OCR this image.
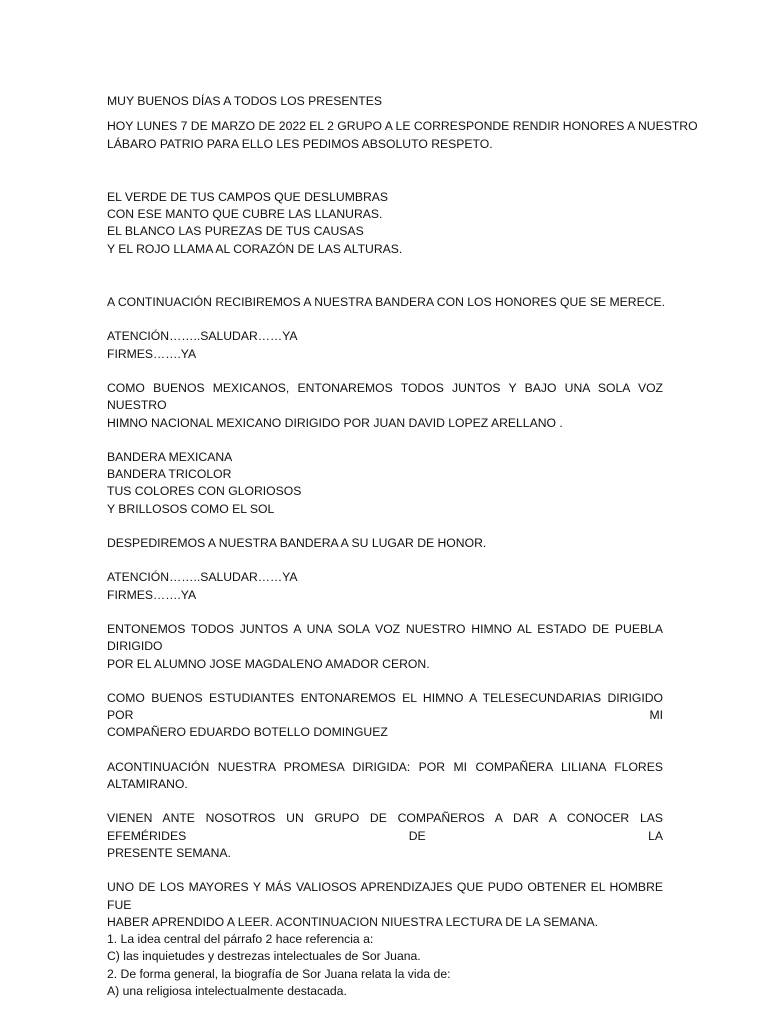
MUY BUENOS DÍAS A TODOS LOS PRESENTES

HOY LUNES 7 DE MARZO DE 2022 EL 2 GRUPO A LE CORRESPONDE RENDIR HONORES A NUESTRO
LÁBARO PATRIO PARA ELLO LES PEDIMOS ABSOLUTO RESPETO.

EL VERDE DE TUS CAMPOS QUE DESLUMBRAS
CON ESE MANTO QUE CUBRE LAS LLANURAS.
EL BLANCO LAS PUREZAS DE TUS CAUSAS
Y EL ROJO LLAMA AL CORAZÓN DE LAS ALTURAS.

A CONTINUACIÓN RECIBIREMOS A NUESTRA BANDERA CON LOS HONORES QUE SE MERECE.

ATENCIÓN……..SALUDAR……YA
FIRMES…….YA

COMO BUENOS MEXICANOS, ENTONAREMOS TODOS JUNTOS Y BAJO UNA SOLA VOZ NUESTRO
HIMNO NACIONAL MEXICANO DIRIGIDO POR JUAN DAVID LOPEZ ARELLANO .

BANDERA MEXICANA
BANDERA TRICOLOR
TUS COLORES CON GLORIOSOS
Y BRILLOSOS COMO EL SOL

DESPEDIREMOS A NUESTRA BANDERA A SU LUGAR DE HONOR.

ATENCIÓN……..SALUDAR……YA
FIRMES…….YA

ENTONEMOS TODOS JUNTOS A UNA SOLA VOZ NUESTRO HIMNO AL ESTADO DE PUEBLA DIRIGIDO
POR EL ALUMNO JOSE MAGDALENO AMADOR CERON.

COMO BUENOS ESTUDIANTES ENTONAREMOS EL HIMNO A TELESECUNDARIAS DIRIGIDO POR MI
COMPAÑERO EDUARDO BOTELLO DOMINGUEZ

ACONTINUACIÓN NUESTRA PROMESA DIRIGIDA: POR MI COMPAÑERA LILIANA FLORES
ALTAMIRANO.

VIENEN ANTE NOSOTROS UN GRUPO DE COMPAÑEROS A DAR A CONOCER LAS EFEMÉRIDES DE LA
PRESENTE SEMANA.

UNO DE LOS MAYORES Y MÁS VALIOSOS APRENDIZAJES QUE PUDO OBTENER EL HOMBRE FUE
HABER APRENDIDO A LEER. ACONTINUACION NIUESTRA LECTURA DE LA SEMANA.

1. La idea central del párrafo 2 hace referencia a:
C) las inquietudes y destrezas intelectuales de Sor Juana.
2. De forma general, la biografía de Sor Juana relata la vida de:
A) una religiosa intelectualmente destacada.
